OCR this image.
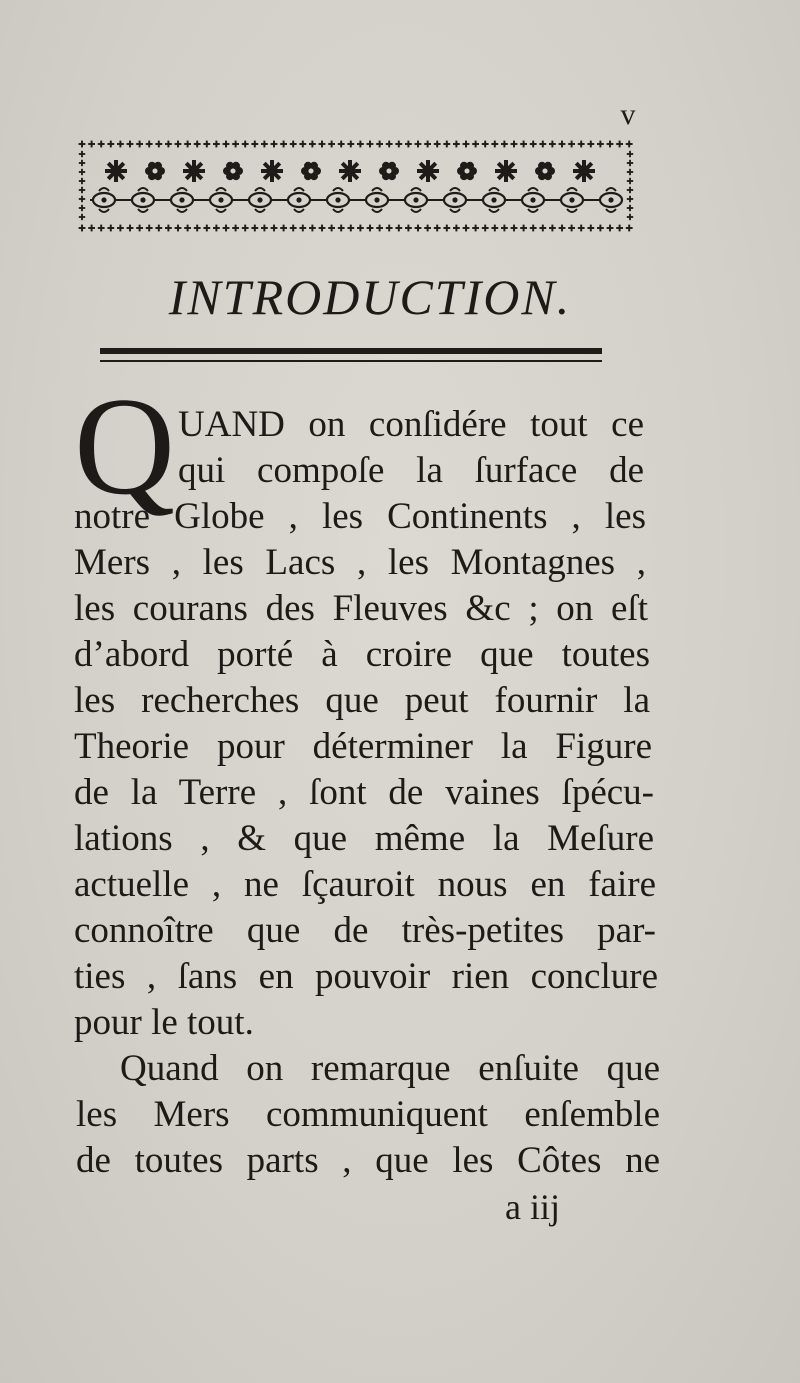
v
INTRODUCTION.
Q UAND on conſidére tout ce
qui compoſe la ſurface de
notre Globe , les Continents , les
Mers , les Lacs , les Montagnes ,
les courans des Fleuves &c ; on eſt
d’abord porté à croire que toutes
les recherches que peut fournir la
Theorie pour déterminer la Figure
de la Terre , ſont de vaines ſpécu-
lations , & que même la Meſure
actuelle , ne ſçauroit nous en faire
connoître que de très-petites par-
ties , ſans en pouvoir rien conclure
pour le tout.
Quand on remarque enſuite que
les Mers communiquent enſemble
de toutes parts , que les Côtes ne
a iij
